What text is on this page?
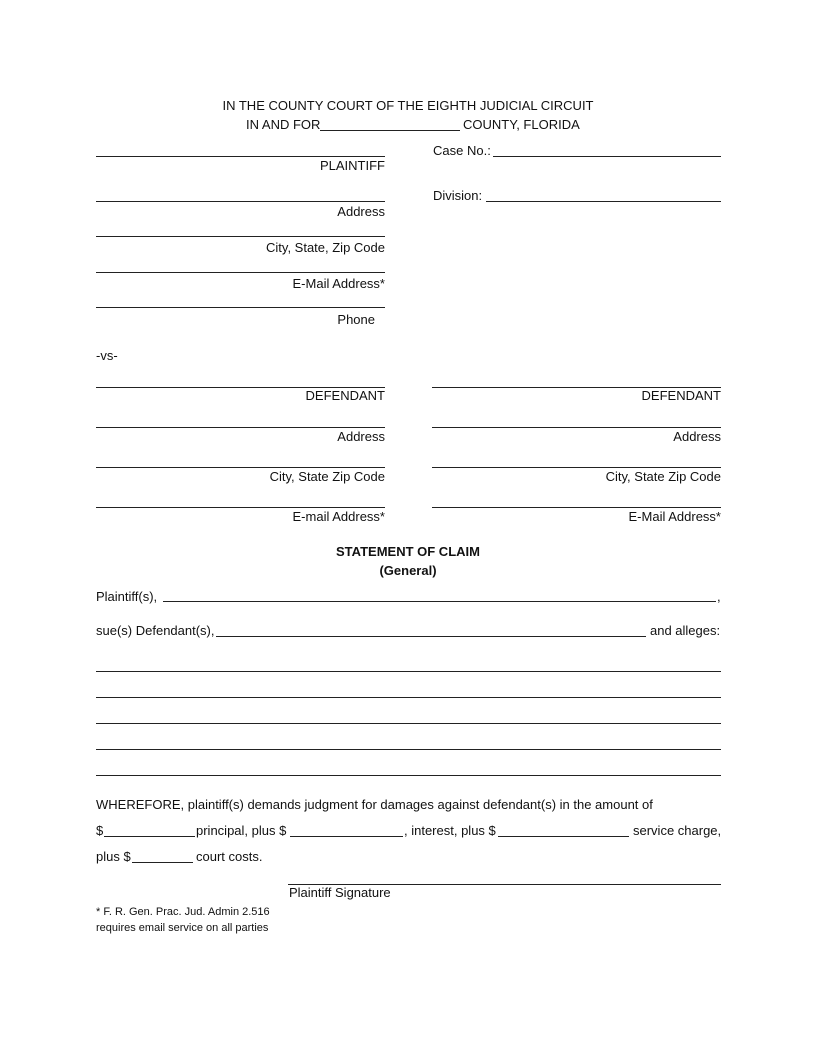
IN THE COUNTY COURT OF THE EIGHTH JUDICIAL CIRCUIT
IN AND FOR	COUNTY, FLORIDA
Case No.:
Division:
PLAINTIFF
Address
City, State, Zip Code
E-Mail Address*
Phone
-vs-
DEFENDANT
Address
City, State Zip Code
E-mail Address*
DEFENDANT
Address
City, State Zip Code
E-Mail Address*
STATEMENT OF CLAIM
(General)
Plaintiff(s),	,
sue(s) Defendant(s),	and alleges:
WHEREFORE, plaintiff(s) demands judgment for damages against defendant(s) in the amount of
$	principal, plus $	, interest, plus $	service charge,
plus $	court costs.
Plaintiff Signature
* F. R. Gen. Prac. Jud. Admin 2.516
requires email service on all parties
